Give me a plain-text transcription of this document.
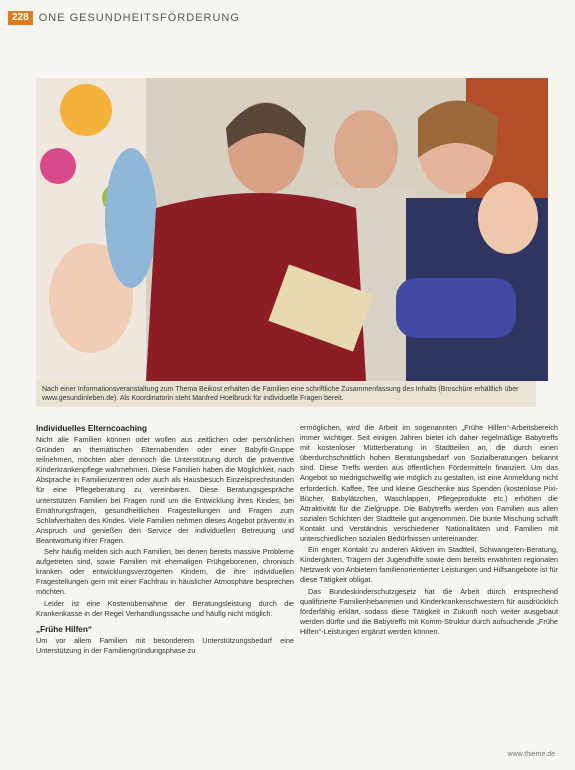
228 ONE GESUNDHEITSFÖRDERUNG
Nach einer Informationsveranstaltung zum Thema Beikost erhalten die Familien eine schriftliche Zusammenfassung des Inhalts (Broschüre erhältlich über www.gesundinleben.de). Als Koordinatorin steht Manfred Hoelbruck für individuelle Fragen bereit.
Individuelles Elterncoaching

Nicht alle Familien können oder wollen aus zeitlichen oder persönlichen Gründen an thematischen Elternabenden oder einer Babyfit-Gruppe teilnehmen, möchten aber dennoch die Unterstützung durch die präventive Kinderkrankenpflege wahrnehmen. Diese Familien haben die Möglichkeit, nach Absprache in Familienzentren oder auch als Hausbesuch Einzelsprechstunden für eine Pflegeberatung zu vereinbaren. Diese Beratungsgespräche unterstützen Familien bei Fragen rund um die Entwicklung ihres Kindes, bei Ernährungsfragen, gesundheitlichen Fragestellungen und Fragen zum Schlafverhalten des Kindes. Viele Familien nehmen dieses Angebot präventiv in Anspruch und genießen den Service der individuellen Betreuung und Beantwortung ihrer Fragen.

Sehr häufig melden sich auch Familien, bei denen bereits massive Probleme aufgetreten sind, sowie Familien mit ehemaligen Frühgeborenen, chronisch kranken oder entwicklungsverzögerten Kindern, die ihre individuellen Fragestellungen gern mit einer Fachfrau in häuslicher Atmosphäre besprechen möchten.

Leider ist eine Kostenübernahme der Beratungsleistung durch die Krankenkasse in der Regel Verhandlungssache und häufig nicht möglich.

„Frühe Hilfen“

Um vor allem Familien mit besonderem Unterstützungsbedarf eine Unterstützung in der Familiengründungsphase zu

ermöglichen, wird die Arbeit im sogenannten „Frühe Hilfen“-Arbeitsbereich immer wichtiger. Seit einigen Jahren bietet ich daher regelmäßige Babytreffs mit kostenloser Mütterberatung in Stadtteilen an, die durch einen überdurchschnittlich hohen Beratungsbedarf von Sozialberatungen bekannt sind. Diese Treffs werden aus öffentlichen Fördermitteln finanziert. Um das Angebot so niedrigschwellig wie möglich zu gestalten, ist eine Anmeldung nicht erforderlich. Kaffee, Tee und kleine Geschenke aus Spenden (kostenlose Pixi-Bücher, Babylätzchen, Waschlappen, Pflegeprodukte etc.) erhöhen die Attraktivität für die Zielgruppe. Die Babytreffs werden von Familien aus allen sozialen Schichten der Stadtteile gut angenommen. Die bunte Mischung schafft Kontakt und Verständnis verschiedener Nationalitäten und Familien mit unterschiedlichen sozialen Bedürfnissen untereinander.

Ein enger Kontakt zu anderen Aktiven im Stadtteil, Schwangeren-Beratung, Kindergärten, Trägern der Jugendhilfe sowie dem bereits erwähnten regionalen Netzwerk von Anbietern familienorientierter Leistungen und Hilfsangebote ist für diese Tätigkeit obligat.

Das Bundeskinderschutzgesetz hat die Arbeit durch entsprechend qualifizierte Familienhebammen und Kinderkrankenschwestern für ausdrücklich förderfähig erklärt, sodass diese Tätigkeit in Zukunft noch weiter ausgebaut werden dürfte und die Babytreffs mit Komm-Struktur durch aufsuchende „Frühe Hilfen“-Leistungen ergänzt werden können.

www.thieme.de
